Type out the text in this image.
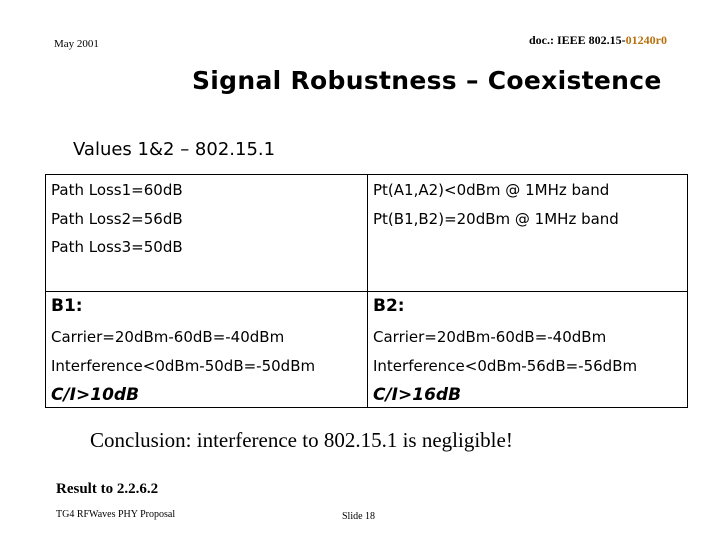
May 2001	doc.: IEEE 802.15-01240r0
Signal Robustness – Coexistence
Values 1&2 – 802.15.1
Path Loss1=60dB
Path Loss2=56dB
Path Loss3=50dB
Pt(A1,A2)<0dBm @ 1MHz band
Pt(B1,B2)=20dBm @ 1MHz band
B1:
Carrier=20dBm-60dB=-40dBm
Interference<0dBm-50dB=-50dBm
C/I>10dB
B2:
Carrier=20dBm-60dB=-40dBm
Interference<0dBm-56dB=-56dBm
C/I>16dB
Conclusion: interference to 802.15.1 is negligible!
Result to 2.2.6.2
TG4 RFWaves PHY Proposal	Slide 18
